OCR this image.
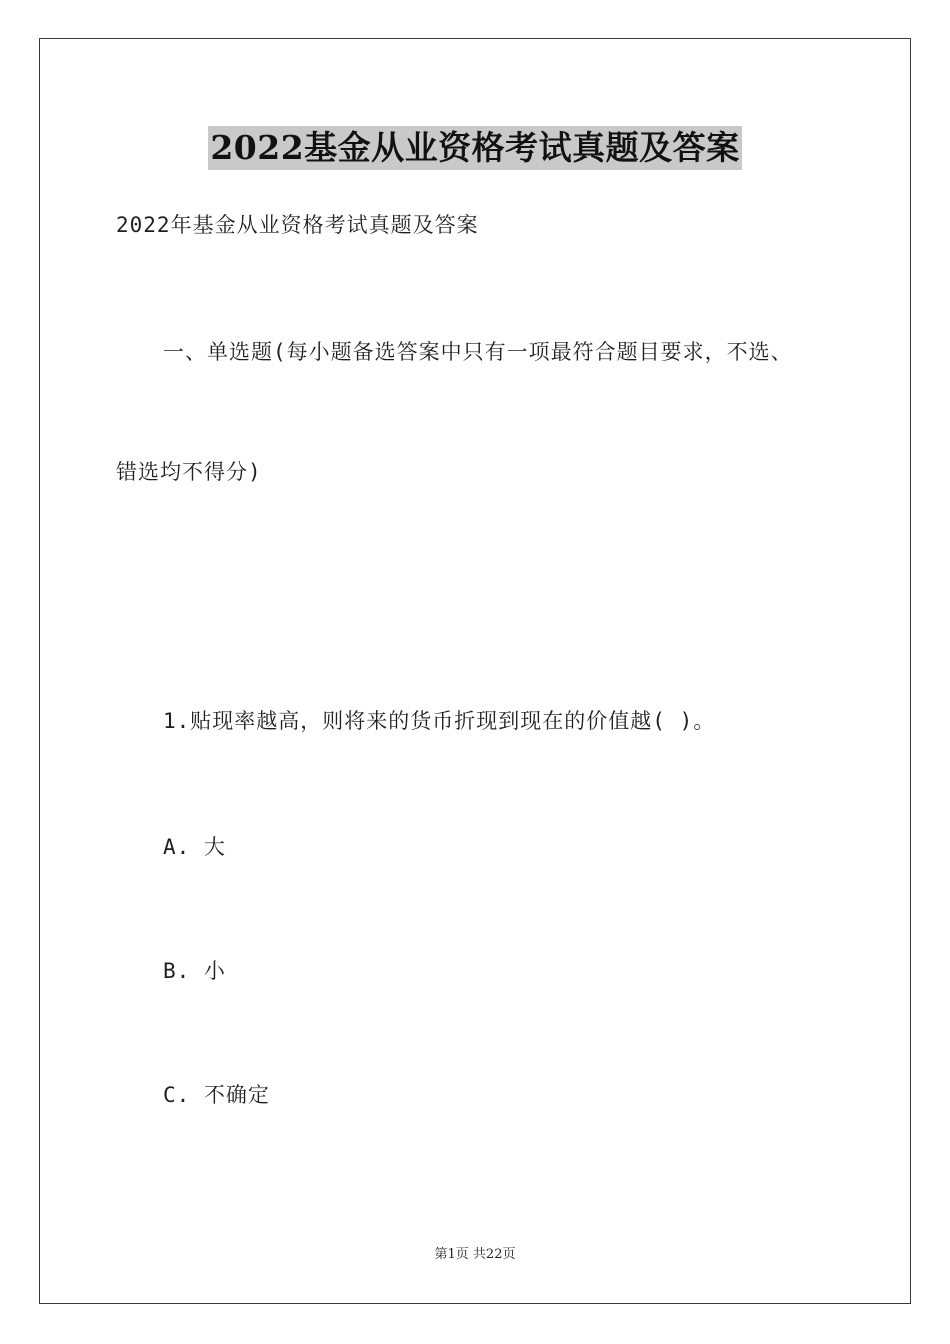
2022基金从业资格考试真题及答案
2022年基金从业资格考试真题及答案
一、单选题(每小题备选答案中只有一项最符合题目要求，不选、
错选均不得分)
1.贴现率越高，则将来的货币折现到现在的价值越( )。
A. 大
B. 小
C. 不确定
第1页 共22页
